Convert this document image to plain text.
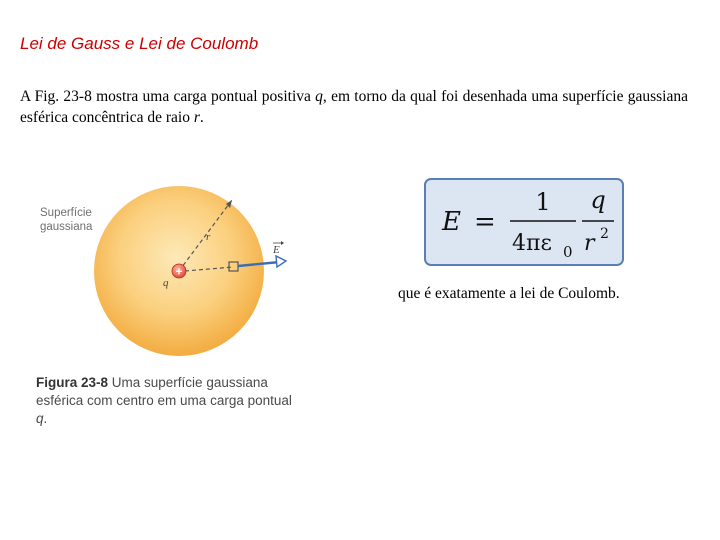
Lei de Gauss e Lei de Coulomb
A Fig. 23-8 mostra uma carga pontual positiva q, em torno da qual foi desenhada uma superfície gaussiana esférica concêntrica de raio r.
+
r
q
E
Superfície gaussiana
Figura 23-8 Uma superfície gaussiana esférica com centro em uma carga pontual q.
E =
1
4πε 0
q
r 2
que é exatamente a lei de Coulomb.
